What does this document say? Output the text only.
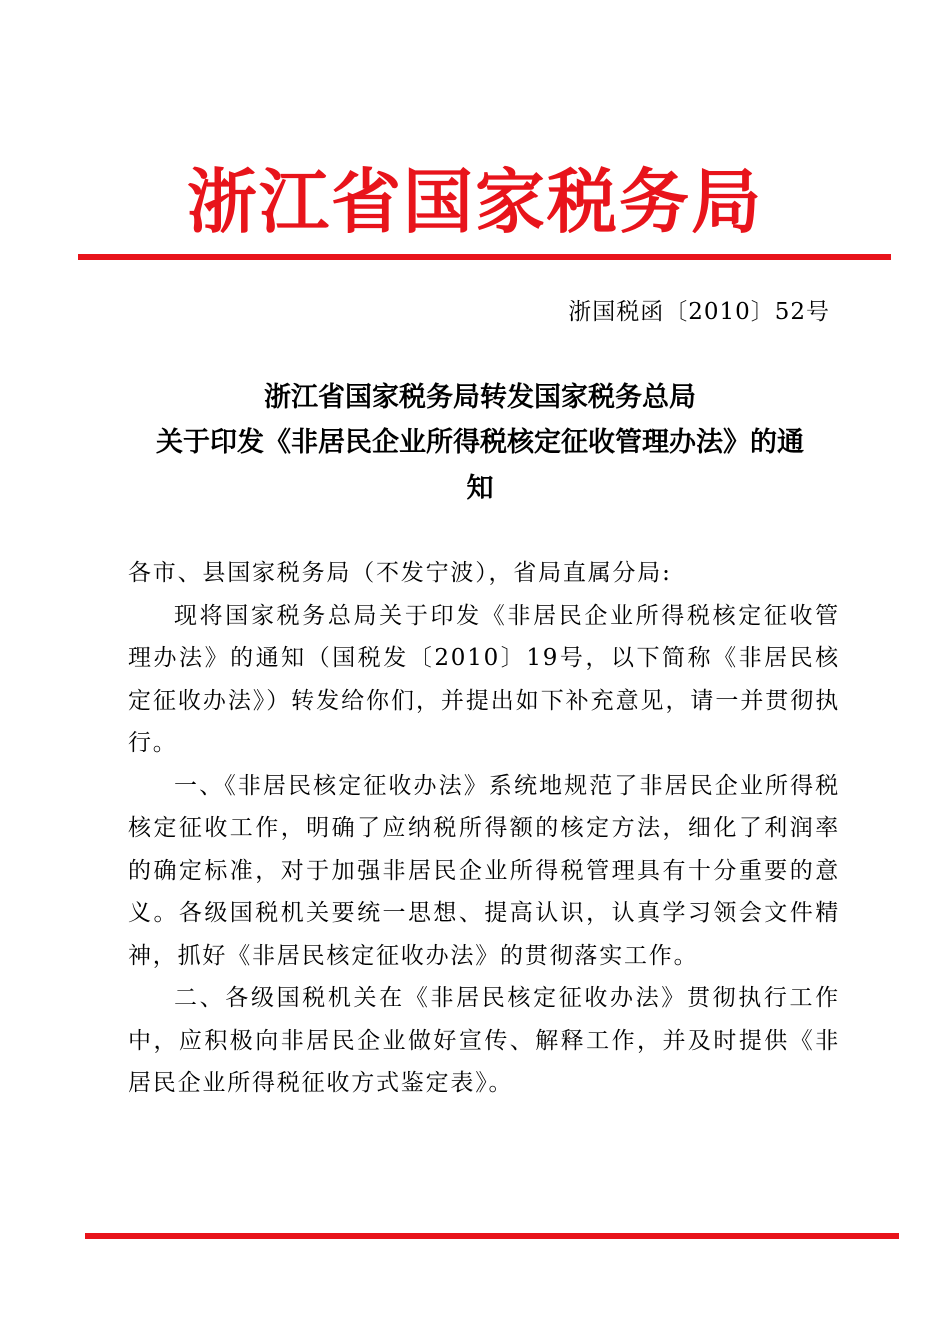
浙江省国家税务局
浙国税函〔2010〕52号
浙江省国家税务局转发国家税务总局
关于印发《非居民企业所得税核定征收管理办法》的通
知

各市、县国家税务局（不发宁波），省局直属分局:

现将国家税务总局关于印发《非居民企业所得税核定征收管理办法》的通知（国税发〔2010〕19号，以下简称《非居民核定征收办法》）转发给你们，并提出如下补充意见，请一并贯彻执行。

一、《非居民核定征收办法》系统地规范了非居民企业所得税核定征收工作，明确了应纳税所得额的核定方法，细化了利润率的确定标准，对于加强非居民企业所得税管理具有十分重要的意义。各级国税机关要统一思想、提高认识，认真学习领会文件精神，抓好《非居民核定征收办法》的贯彻落实工作。

二、各级国税机关在《非居民核定征收办法》贯彻执行工作中，应积极向非居民企业做好宣传、解释工作，并及时提供《非居民企业所得税征收方式鉴定表》。
